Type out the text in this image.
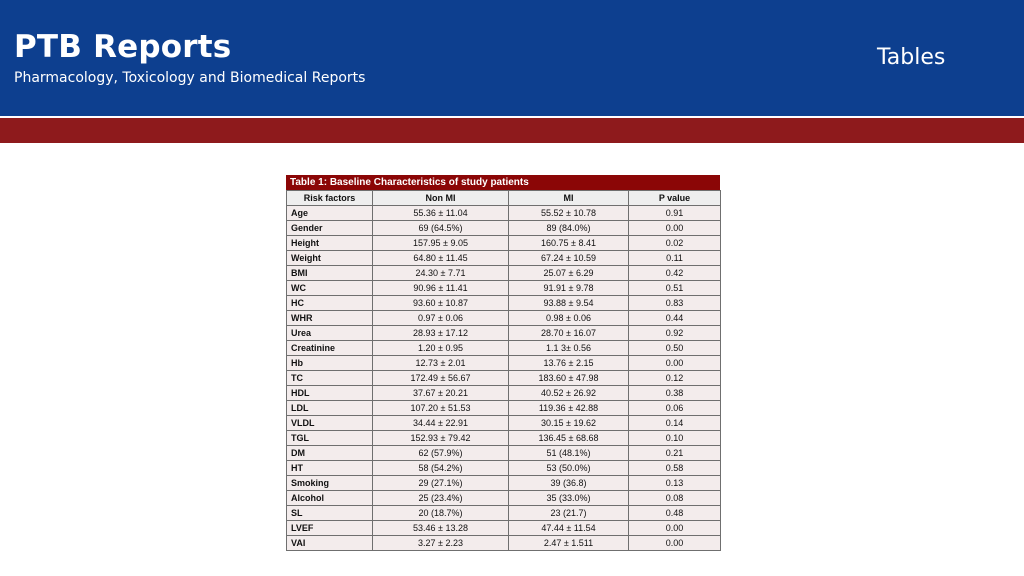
PTB Reports

Pharmacology, Toxicology and Biomedical Reports

Tables

Table 1: Baseline Characteristics of study patients
Risk factors	Non MI	MI	P value
Age	55.36 ± 11.04	55.52 ± 10.78	0.91
Gender	69 (64.5%)	89 (84.0%)	0.00
Height	157.95 ± 9.05	160.75 ± 8.41	0.02
Weight	64.80 ± 11.45	67.24 ± 10.59	0.11
BMI	24.30 ± 7.71	25.07 ± 6.29	0.42
WC	90.96 ± 11.41	91.91 ± 9.78	0.51
HC	93.60 ± 10.87	93.88 ± 9.54	0.83
WHR	0.97 ± 0.06	0.98 ± 0.06	0.44
Urea	28.93 ± 17.12	28.70 ± 16.07	0.92
Creatinine	1.20 ± 0.95	1.1 3± 0.56	0.50
Hb	12.73 ± 2.01	13.76 ± 2.15	0.00
TC	172.49 ± 56.67	183.60 ± 47.98	0.12
HDL	37.67 ± 20.21	40.52 ± 26.92	0.38
LDL	107.20 ± 51.53	119.36 ± 42.88	0.06
VLDL	34.44 ± 22.91	30.15 ± 19.62	0.14
TGL	152.93 ± 79.42	136.45 ± 68.68	0.10
DM	62 (57.9%)	51 (48.1%)	0.21
HT	58 (54.2%)	53 (50.0%)	0.58
Smoking	29 (27.1%)	39 (36.8)	0.13
Alcohol	25 (23.4%)	35 (33.0%)	0.08
SL	20 (18.7%)	23 (21.7)	0.48
LVEF	53.46 ± 13.28	47.44 ± 11.54	0.00
VAI	3.27 ± 2.23	2.47 ± 1.511	0.00
